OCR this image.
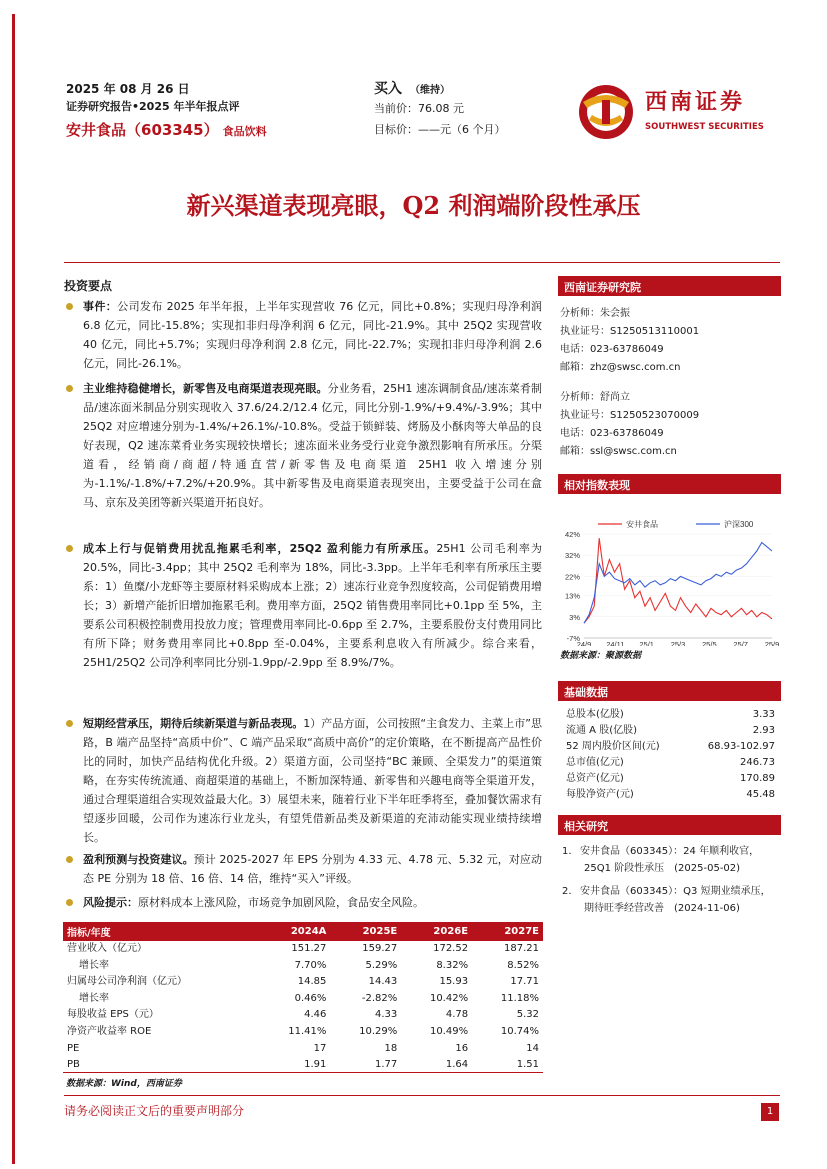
2025 年 08 月 26 日
证券研究报告•2025 年半年报点评
安井食品（603345） 食品饮料
买入 （维持）
当前价：76.08 元
目标价：——元（6 个月）
西南证券
SOUTHWEST SECURITIES
新兴渠道表现亮眼，Q2 利润端阶段性承压
投资要点
事件：公司发布 2025 年半年报，上半年实现营收 76 亿元，同比+0.8%；实现归母净利润 6.8 亿元，同比-15.8%；实现扣非归母净利润 6 亿元，同比-21.9%。其中 25Q2 实现营收 40 亿元，同比+5.7%；实现归母净利润 2.8 亿元，同比-22.7%；实现扣非归母净利润 2.6 亿元，同比-26.1%。
主业维持稳健增长，新零售及电商渠道表现亮眼。分业务看，25H1 速冻调制食品/速冻菜肴制品/速冻面米制品分别实现收入 37.6/24.2/12.4 亿元，同比分别-1.9%/+9.4%/-3.9%；其中 25Q2 对应增速分别为-1.4%/+26.1%/-10.8%。受益于锁鲜装、烤肠及小酥肉等大单品的良好表现，Q2 速冻菜肴业务实现较快增长；速冻面米业务受行业竞争激烈影响有所承压。分渠道看，经销商/商超/特通直营/新零售及电商渠道 25H1 收入增速分别为-1.1%/-1.8%/+7.2%/+20.9%。其中新零售及电商渠道表现突出，主要受益于公司在盒马、京东及美团等新兴渠道开拓良好。
成本上行与促销费用扰乱拖累毛利率，25Q2 盈利能力有所承压。25H1 公司毛利率为 20.5%，同比-3.4pp；其中 25Q2 毛利率为 18%，同比-3.3pp。上半年毛利率有所承压主要系：1）鱼糜/小龙虾等主要原材料采购成本上涨；2）速冻行业竞争烈度较高，公司促销费用增长；3）新增产能折旧增加拖累毛利。费用率方面，25Q2 销售费用率同比+0.1pp 至 5%，主要系公司积极控制费用投放力度；管理费用率同比-0.6pp 至 2.7%，主要系股份支付费用同比有所下降；财务费用率同比+0.8pp 至-0.04%，主要系利息收入有所减少。综合来看，25H1/25Q2 公司净利率同比分别-1.9pp/-2.9pp 至 8.9%/7%。
短期经营承压，期待后续新渠道与新品表现。1）产品方面，公司按照“主食发力、主菜上市”思路，B 端产品坚持“高质中价”、C 端产品采取“高质中高价”的定价策略，在不断提高产品性价比的同时，加快产品结构优化升级。2）渠道方面，公司坚持“BC 兼顾、全渠发力”的渠道策略，在夯实传统流通、商超渠道的基础上，不断加深特通、新零售和兴趣电商等全渠道开发，通过合理渠道组合实现效益最大化。3）展望未来，随着行业下半年旺季将至，叠加餐饮需求有望逐步回暖，公司作为速冻行业龙头，有望凭借新品类及新渠道的充沛动能实现业绩持续增长。
盈利预测与投资建议。预计 2025-2027 年 EPS 分别为 4.33 元、4.78 元、5.32 元，对应动态 PE 分别为 18 倍、16 倍、14 倍，维持“买入”评级。
风险提示：原材料成本上涨风险，市场竞争加剧风险，食品安全风险。
西南证券研究院
分析师：朱会振
执业证号：S1250513110001
电话：023-63786049
邮箱：zhz@swsc.com.cn
分析师：舒尚立
执业证号：S1250523070009
电话：023-63786049
邮箱：ssl@swsc.com.cn
相对指数表现
安井食品	沪深300
42%
32%
22%
13%
3%
-7%
24/9 24/11 25/1 25/3 25/5 25/7 25/9
数据来源：聚源数据
基础数据
总股本(亿股)	3.33
流通 A 股(亿股)	2.93
52 周内股价区间(元)	68.93-102.97
总市值(亿元)	246.73
总资产(亿元)	170.89
每股净资产(元)	45.48
相关研究
1. 安井食品（603345）：24 年顺利收官，
25Q1 阶段性承压　(2025-05-02)
2. 安井食品（603345）：Q3 短期业绩承压，
期待旺季经营改善　(2024-11-06)
指标/年度	2024A	2025E	2026E	2027E
营业收入（亿元）	151.27	159.27	172.52	187.21
增长率	7.70%	5.29%	8.32%	8.52%
归属母公司净利润（亿元）	14.85	14.43	15.93	17.71
增长率	0.46%	-2.82%	10.42%	11.18%
每股收益 EPS（元）	4.46	4.33	4.78	5.32
净资产收益率 ROE	11.41%	10.29%	10.49%	10.74%
PE	17	18	16	14
PB	1.91	1.77	1.64	1.51
数据来源：Wind，西南证券
请务必阅读正文后的重要声明部分	1
